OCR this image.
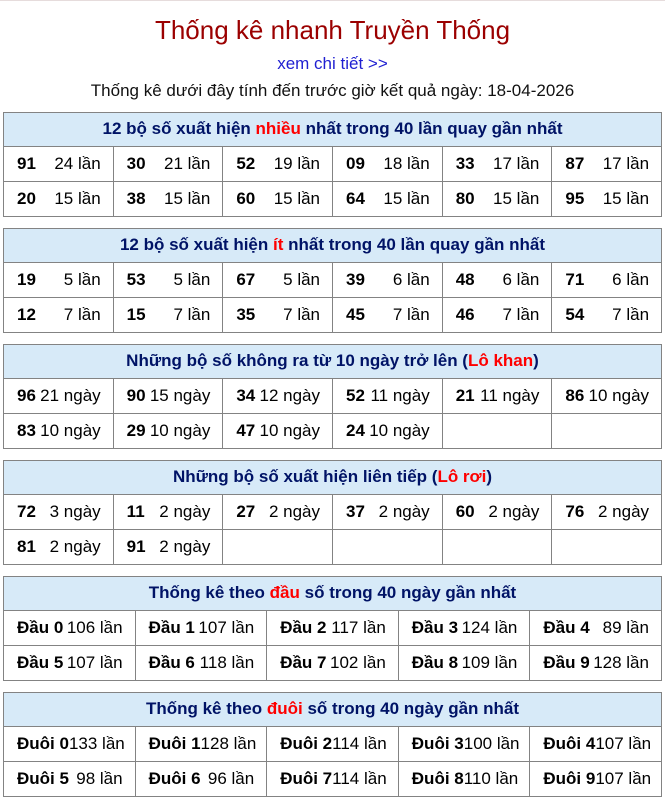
Thống kê nhanh Truyền Thống
xem chi tiết >>
Thống kê dưới đây tính đến trước giờ kết quả ngày: 18-04-2026
12 bộ số xuất hiện nhiều nhất trong 40 lần quay gần nhất
91 24 lần 30 21 lần 52 19 lần 09 18 lần 33 17 lần 87 17 lần
20 15 lần 38 15 lần 60 15 lần 64 15 lần 80 15 lần 95 15 lần
12 bộ số xuất hiện ít nhất trong 40 lần quay gần nhất
19 5 lần 53 5 lần 67 5 lần 39 6 lần 48 6 lần 71 6 lần
12 7 lần 15 7 lần 35 7 lần 45 7 lần 46 7 lần 54 7 lần
Những bộ số không ra từ 10 ngày trở lên (Lô khan)
96 21 ngày 90 15 ngày 34 12 ngày 52 11 ngày 21 11 ngày 86 10 ngày
83 10 ngày 29 10 ngày 47 10 ngày 24 10 ngày
Những bộ số xuất hiện liên tiếp (Lô rơi)
72 3 ngày 11 2 ngày 27 2 ngày 37 2 ngày 60 2 ngày 76 2 ngày
81 2 ngày 91 2 ngày
Thống kê theo đầu số trong 40 ngày gần nhất
Đầu 0 106 lần Đầu 1 107 lần Đầu 2 117 lần Đầu 3 124 lần Đầu 4 89 lần
Đầu 5 107 lần Đầu 6 118 lần Đầu 7 102 lần Đầu 8 109 lần Đầu 9 128 lần
Thống kê theo đuôi số trong 40 ngày gần nhất
Đuôi 0 133 lần Đuôi 1 128 lần Đuôi 2 114 lần Đuôi 3 100 lần Đuôi 4 107 lần
Đuôi 5 98 lần Đuôi 6 96 lần Đuôi 7 114 lần Đuôi 8 110 lần Đuôi 9 107 lần
